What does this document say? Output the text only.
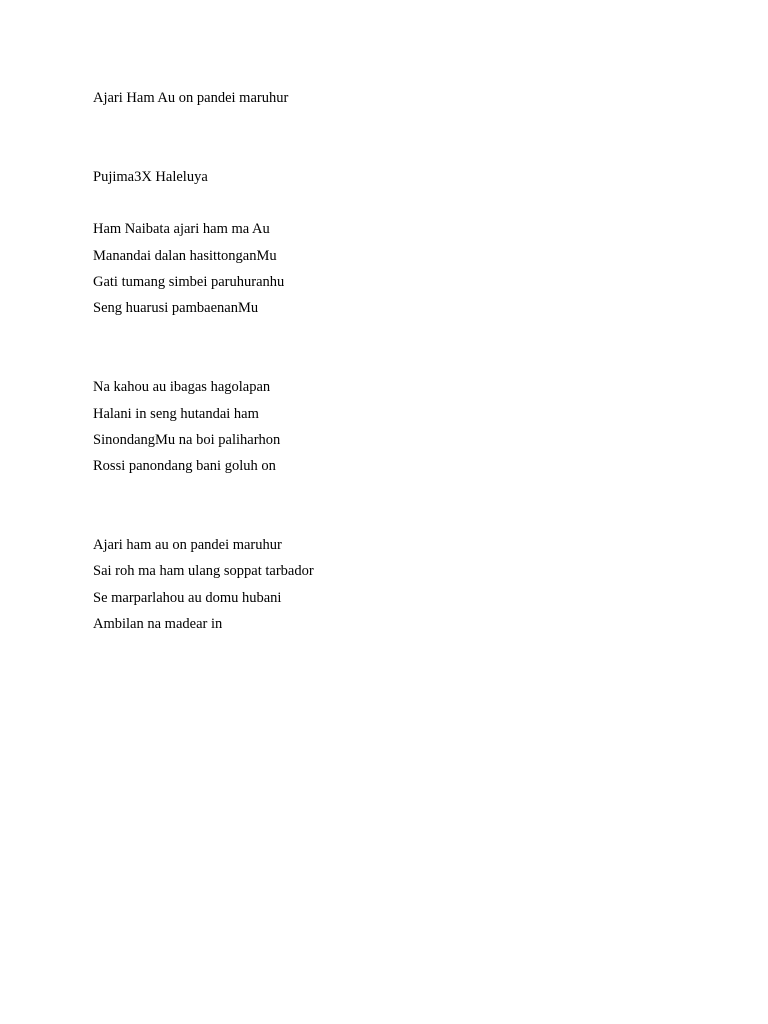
Ajari Ham Au on pandei maruhur
Pujima3X Haleluya
Ham Naibata ajari ham ma Au
Manandai dalan hasittonganMu
Gati tumang simbei paruhuranhu
Seng huarusi pambaenanMu
Na kahou au ibagas hagolapan
Halani in seng hutandai ham
SinondangMu na boi paliharhon
Rossi panondang bani goluh on
Ajari ham au on pandei maruhur
Sai roh ma ham ulang soppat tarbador
Se marparlahou au domu hubani
Ambilan na madear in
